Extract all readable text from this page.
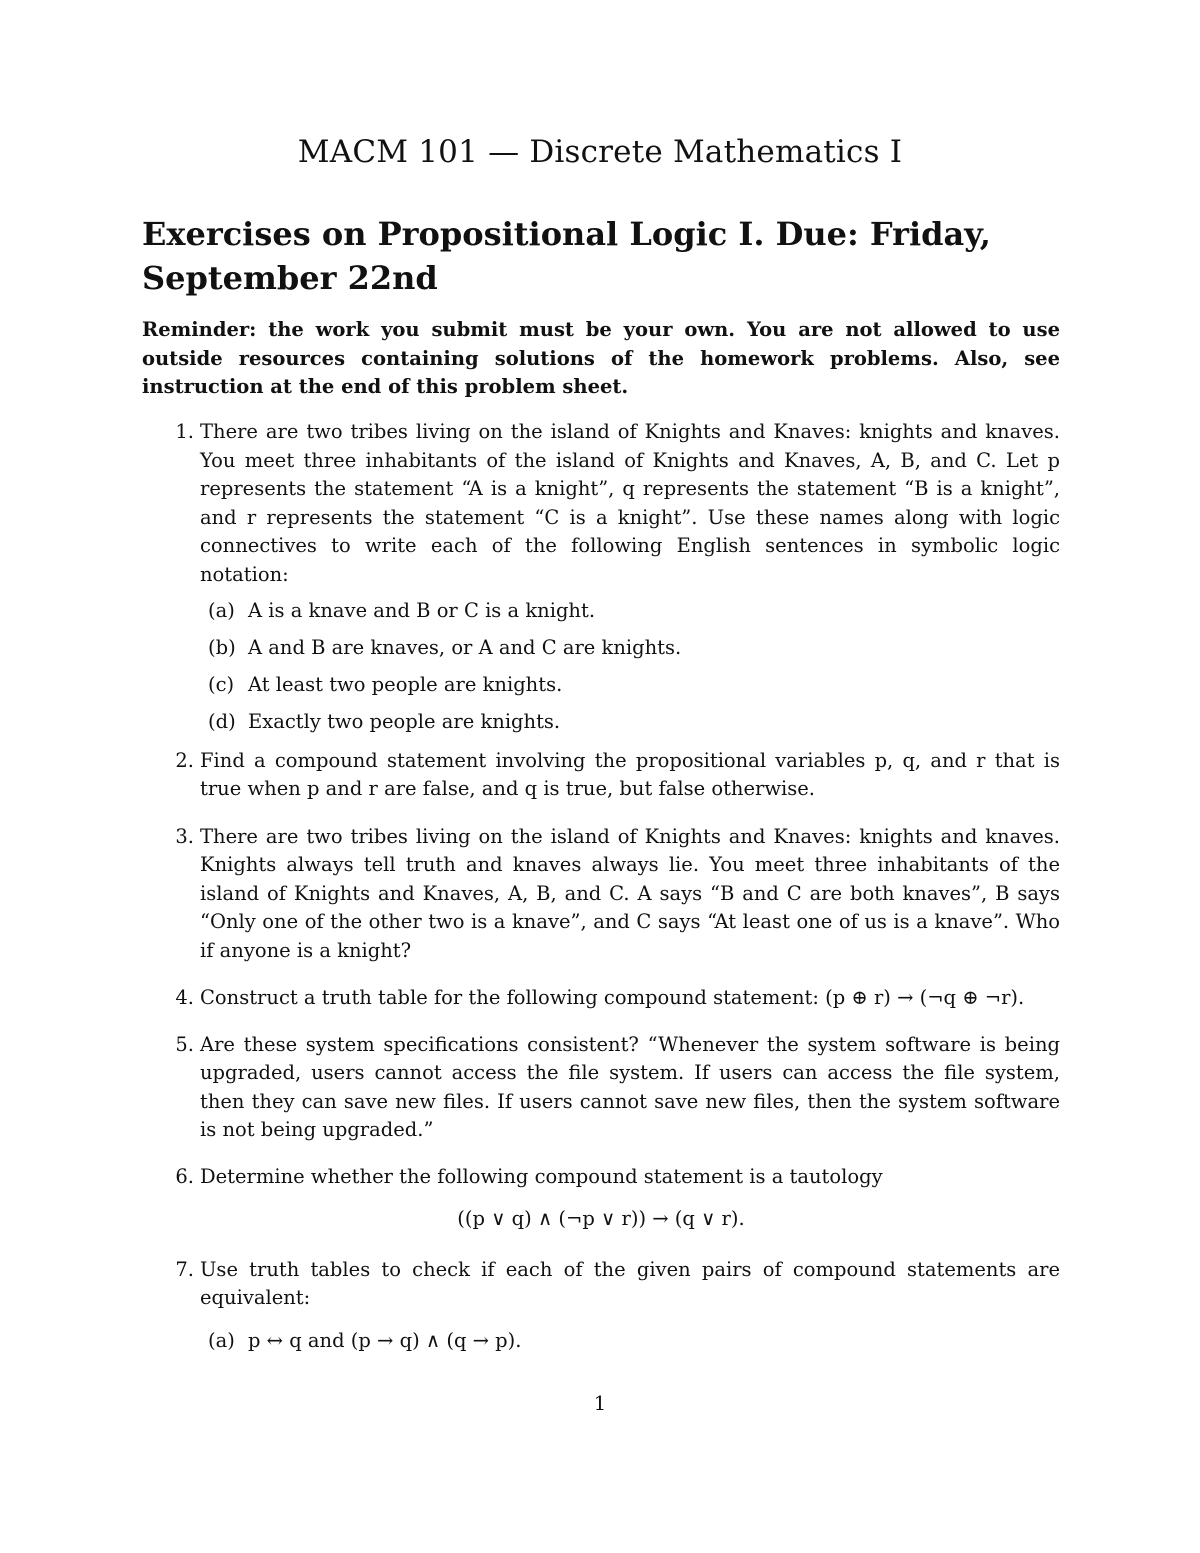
MACM 101 — Discrete Mathematics I
Exercises on Propositional Logic I. Due: Friday, September 22nd

Reminder: the work you submit must be your own. You are not allowed to use outside resources containing solutions of the homework problems. Also, see instruction at the end of this problem sheet.

1. There are two tribes living on the island of Knights and Knaves: knights and knaves. You meet three inhabitants of the island of Knights and Knaves, A, B, and C. Let p represents the statement “A is a knight”, q represents the statement “B is a knight”, and r represents the statement “C is a knight”. Use these names along with logic connectives to write each of the following English sentences in symbolic logic notation:
(a) A is a knave and B or C is a knight.
(b) A and B are knaves, or A and C are knights.
(c) At least two people are knights.
(d) Exactly two people are knights.
2. Find a compound statement involving the propositional variables p, q, and r that is true when p and r are false, and q is true, but false otherwise.
3. There are two tribes living on the island of Knights and Knaves: knights and knaves. Knights always tell truth and knaves always lie. You meet three inhabitants of the island of Knights and Knaves, A, B, and C. A says “B and C are both knaves”, B says “Only one of the other two is a knave”, and C says “At least one of us is a knave”. Who if anyone is a knight?
4. Construct a truth table for the following compound statement: (p ⊕ r) → (¬q ⊕ ¬r).
5. Are these system specifications consistent? “Whenever the system software is being upgraded, users cannot access the file system. If users can access the file system, then they can save new files. If users cannot save new files, then the system software is not being upgraded.”
6. Determine whether the following compound statement is a tautology
((p ∨ q) ∧ (¬p ∨ r)) → (q ∨ r).
7. Use truth tables to check if each of the given pairs of compound statements are equivalent:
(a) p ↔ q and (p → q) ∧ (q → p).
1
